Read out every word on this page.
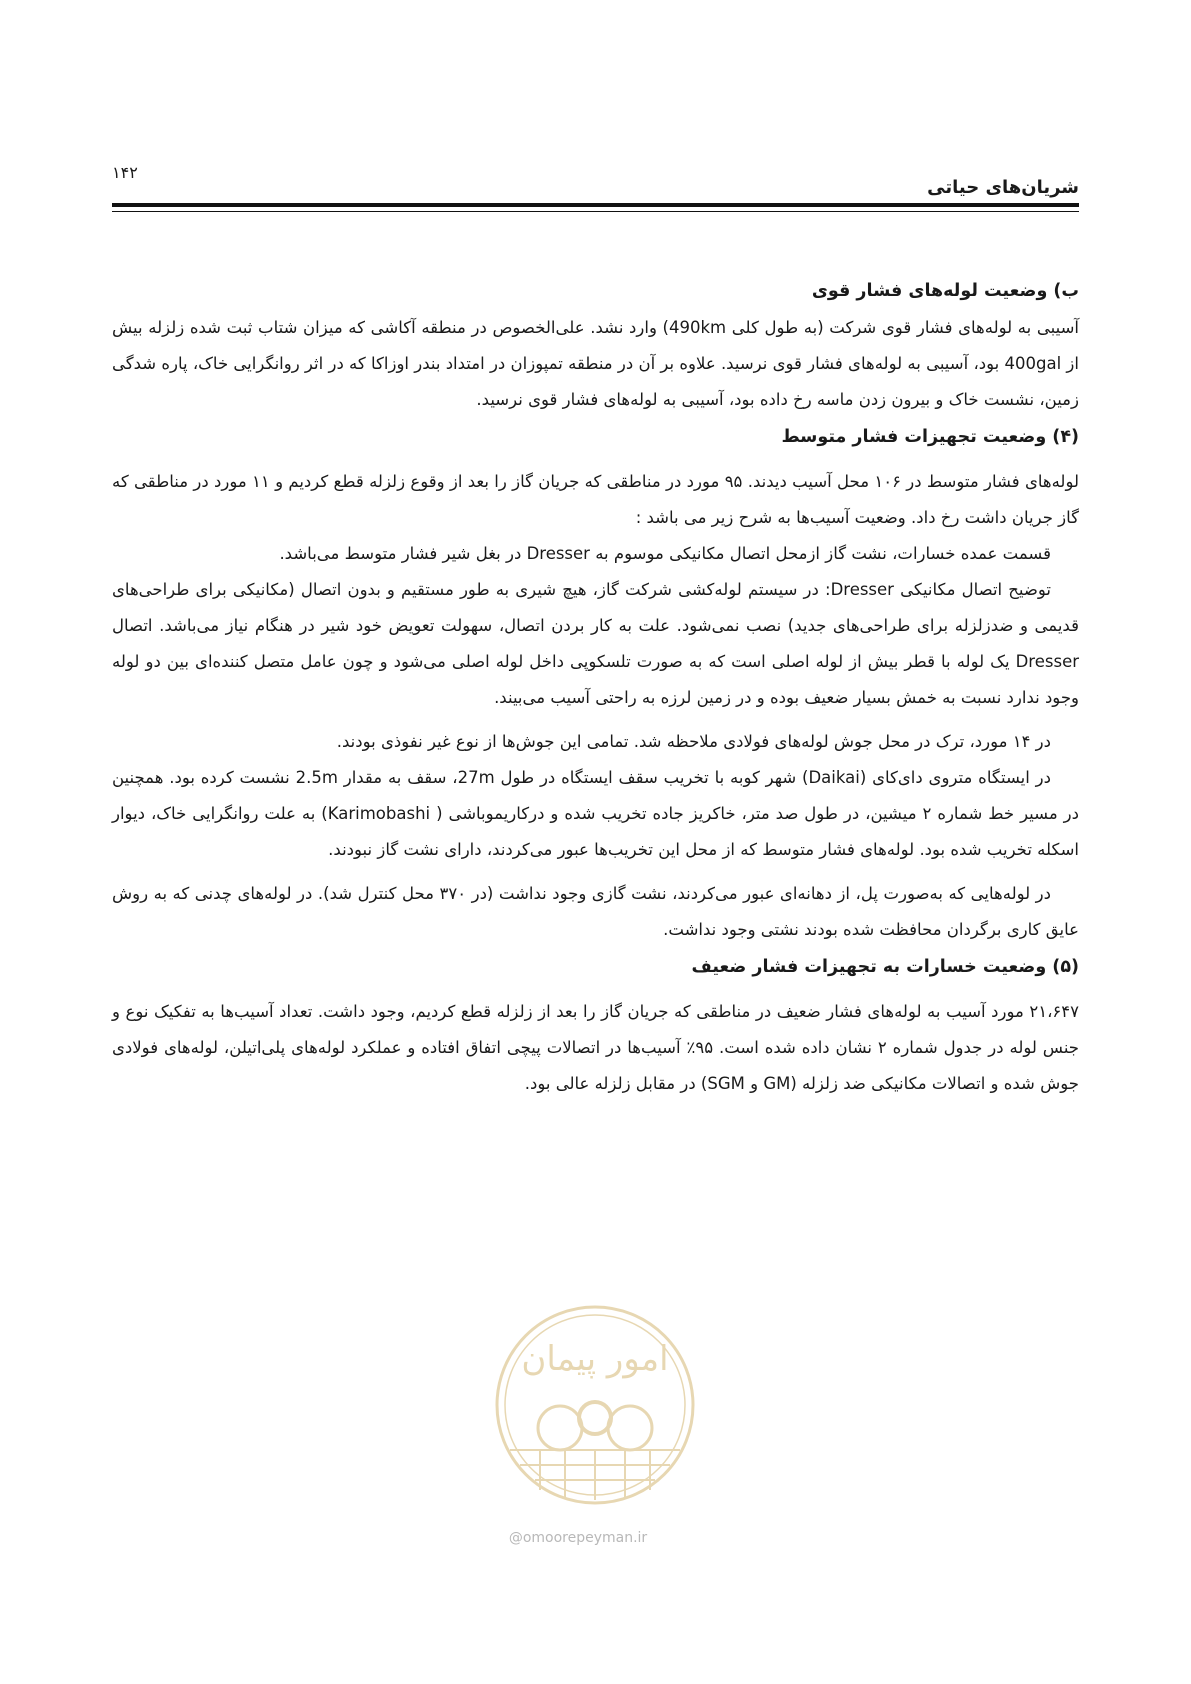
شریان‌های حیاتی
۱۴۲
ب) وضعیت لوله‌های فشار قوی

آسیبی به لوله‌های فشار قوی شرکت (به طول کلی 490km) وارد نشد. علی‌الخصوص در منطقه آکاشی که میزان شتاب ثبت شده زلزله بیش از 400gal بود، آسیبی به لوله‌های فشار قوی نرسید. علاوه بر آن در منطقه تمپوزان در امتداد بندر اوزاکا که در اثر روانگرایی خاک، پاره شدگی زمین، نشست خاک و بیرون زدن ماسه رخ داده بود، آسیبی به لوله‌های فشار قوی نرسید.

(۴) وضعیت تجهیزات فشار متوسط

لوله‌های فشار متوسط در ۱۰۶ محل آسیب دیدند. ۹۵ مورد در مناطقی که جریان گاز را بعد از وقوع زلزله قطع کردیم و ۱۱ مورد در مناطقی که گاز جریان داشت رخ داد. وضعیت آسیب‌ها به شرح زیر می باشد :

قسمت عمده خسارات، نشت گاز ازمحل اتصال مکانیکی موسوم به Dresser در بغل شیر فشار متوسط می‌باشد.

توضیح اتصال مکانیکی Dresser: در سیستم لوله‌کشی شرکت گاز، هیچ شیری به طور مستقیم و بدون اتصال (مکانیکی برای طراحی‌های قدیمی و ضدزلزله برای طراحی‌های جدید) نصب نمی‌شود. علت به کار بردن اتصال، سهولت تعویض خود شیر در هنگام نیاز می‌باشد. اتصال Dresser یک لوله با قطر بیش از لوله اصلی است که به صورت تلسکوپی داخل لوله اصلی می‌شود و چون عامل متصل کننده‌ای بین دو لوله وجود ندارد نسبت به خمش بسیار ضعیف بوده و در زمین لرزه به راحتی آسیب می‌بیند.

در ۱۴ مورد، ترک در محل جوش لوله‌های فولادی ملاحظه شد. تمامی این جوش‌ها از نوع غیر نفوذی بودند.

در ایستگاه متروی دای‌کای (Daikai) شهر کوبه با تخریب سقف ایستگاه در طول 27m، سقف به مقدار 2.5m نشست کرده بود. همچنین در مسیر خط شماره ۲ میشین، در طول صد متر، خاکریز جاده تخریب شده و درکاریموباشی ( Karimobashi) به علت روانگرایی خاک، دیوار اسکله تخریب شده بود. لوله‌های فشار متوسط که از محل این تخریب‌ها عبور می‌کردند، دارای نشت گاز نبودند.

در لوله‌هایی که به‌صورت پل، از دهانه‌ای عبور می‌کردند، نشت گازی وجود نداشت (در ۳۷۰ محل کنترل شد). در لوله‌های چدنی که به روش عایق کاری برگردان محافظت شده بودند نشتی وجود نداشت.

(۵) وضعیت خسارات به تجهیزات فشار ضعیف

۲۱،۶۴۷ مورد آسیب به لوله‌های فشار ضعیف در مناطقی که جریان گاز را بعد از زلزله قطع کردیم، وجود داشت. تعداد آسیب‌ها به تفکیک نوع و جنس لوله در جدول شماره ۲ نشان داده شده است. ۹۵٪ آسیب‌ها در اتصالات پیچی اتفاق افتاده و عملکرد لوله‌های پلی‌اتیلن، لوله‌های فولادی جوش شده و اتصالات مکانیکی ضد زلزله (GM و SGM) در مقابل زلزله عالی بود.

امور پیمان
@omoorepeyman.ir
